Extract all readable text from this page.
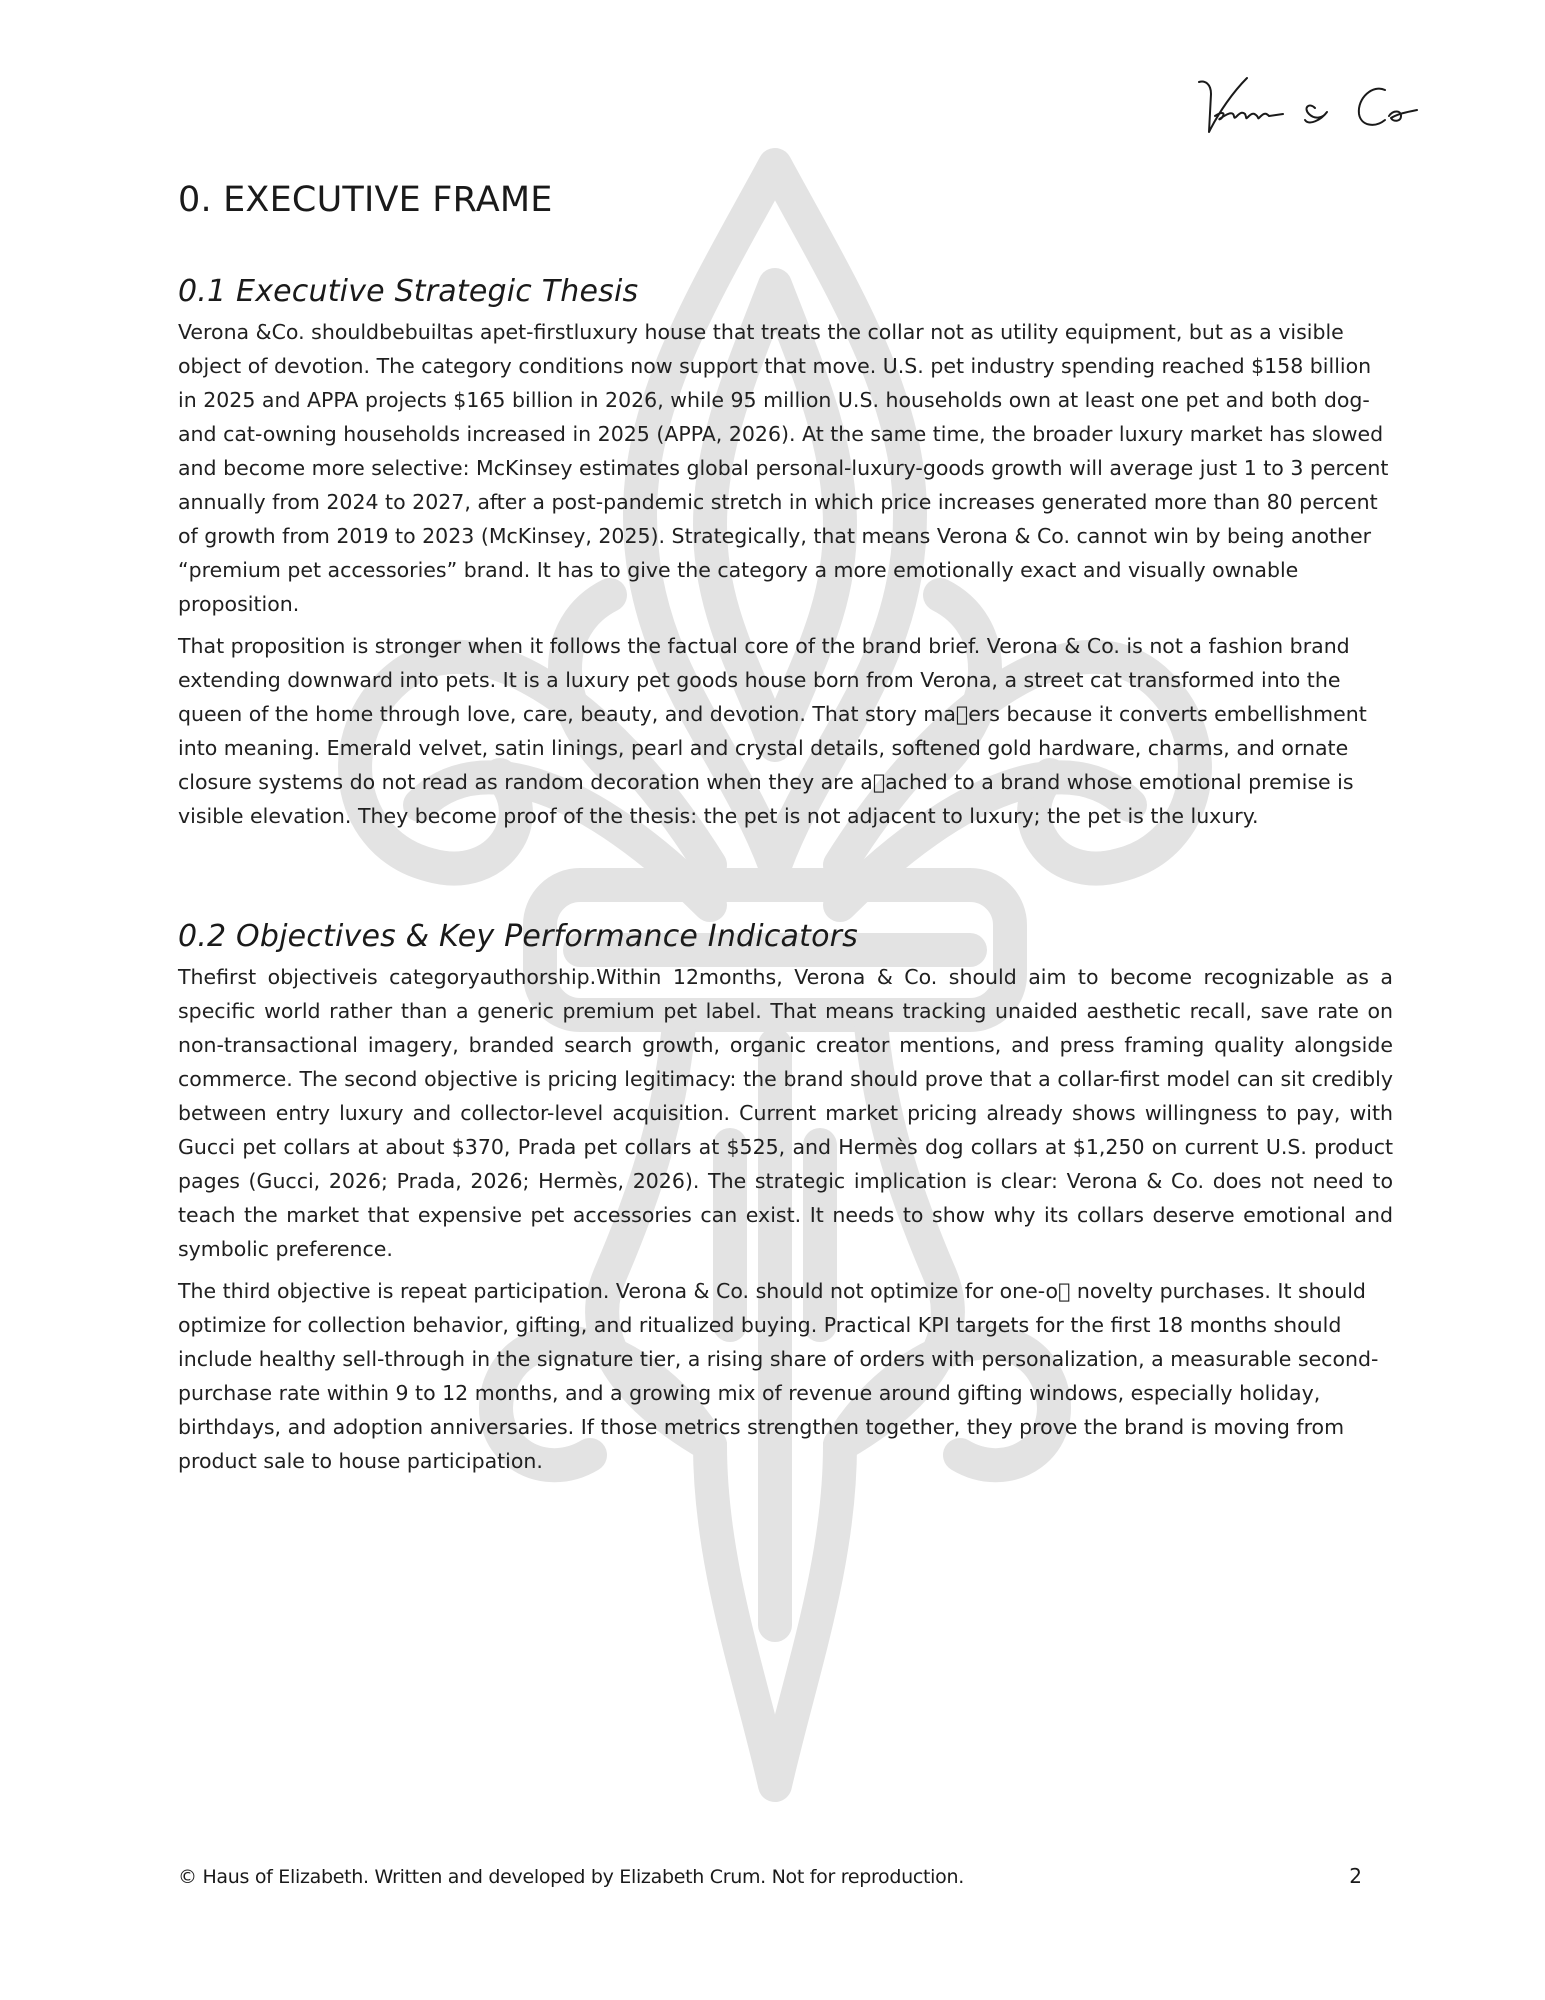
0. EXECUTIVE FRAME
0.1 Executive Strategic Thesis

Verona &Co. shouldbebuiltas apet-firstluxury house that treats the collar not as utility equipment, but as a visible object of devotion. The category conditions now support that move. U.S. pet industry spending reached $158 billion in 2025 and APPA projects $165 billion in 2026, while 95 million U.S. households own at least one pet and both dog- and cat-owning households increased in 2025 (APPA, 2026). At the same time, the broader luxury market has slowed and become more selective: McKinsey estimates global personal-luxury-goods growth will average just 1 to 3 percent annually from 2024 to 2027, after a post-pandemic stretch in which price increases generated more than 80 percent of growth from 2019 to 2023 (McKinsey, 2025). Strategically, that means Verona & Co. cannot win by being another “premium pet accessories” brand. It has to give the category a more emotionally exact and visually ownable proposition.

That proposition is stronger when it follows the factual core of the brand brief. Verona & Co. is not a fashion brand extending downward into pets. It is a luxury pet goods house born from Verona, a street cat transformed into the queen of the home through love, care, beauty, and devotion. That story ma ers because it converts embellishment into meaning. Emerald velvet, satin linings, pearl and crystal details, softened gold hardware, charms, and ornate closure systems do not read as random decoration when they are a ached to a brand whose emotional premise is visible elevation. They become proof of the thesis: the pet is not adjacent to luxury; the pet is the luxury.

0.2 Objectives & Key Performance Indicators

Thefirst objectiveis categoryauthorship.Within 12months, Verona & Co. should aim to become recognizable as a specific world rather than a generic premium pet label. That means tracking unaided aesthetic recall, save rate on non-transactional imagery, branded search growth, organic creator mentions, and press framing quality alongside commerce. The second objective is pricing legitimacy: the brand should prove that a collar-first model can sit credibly between entry luxury and collector-level acquisition. Current market pricing already shows willingness to pay, with Gucci pet collars at about $370, Prada pet collars at $525, and Hermès dog collars at $1,250 on current U.S. product pages (Gucci, 2026; Prada, 2026; Hermès, 2026). The strategic implication is clear: Verona & Co. does not need to teach the market that expensive pet accessories can exist. It needs to show why its collars deserve emotional and symbolic preference.

The third objective is repeat participation. Verona & Co. should not optimize for one-o  novelty purchases. It should optimize for collection behavior, gifting, and ritualized buying. Practical KPI targets for the first 18 months should include healthy sell-through in the signature tier, a rising share of orders with personalization, a measurable second-purchase rate within 9 to 12 months, and a growing mix of revenue around gifting windows, especially holiday, birthdays, and adoption anniversaries. If those metrics strengthen together, they prove the brand is moving from product sale to house participation.

© Haus of Elizabeth. Written and developed by Elizabeth Crum. Not for reproduction.	2
